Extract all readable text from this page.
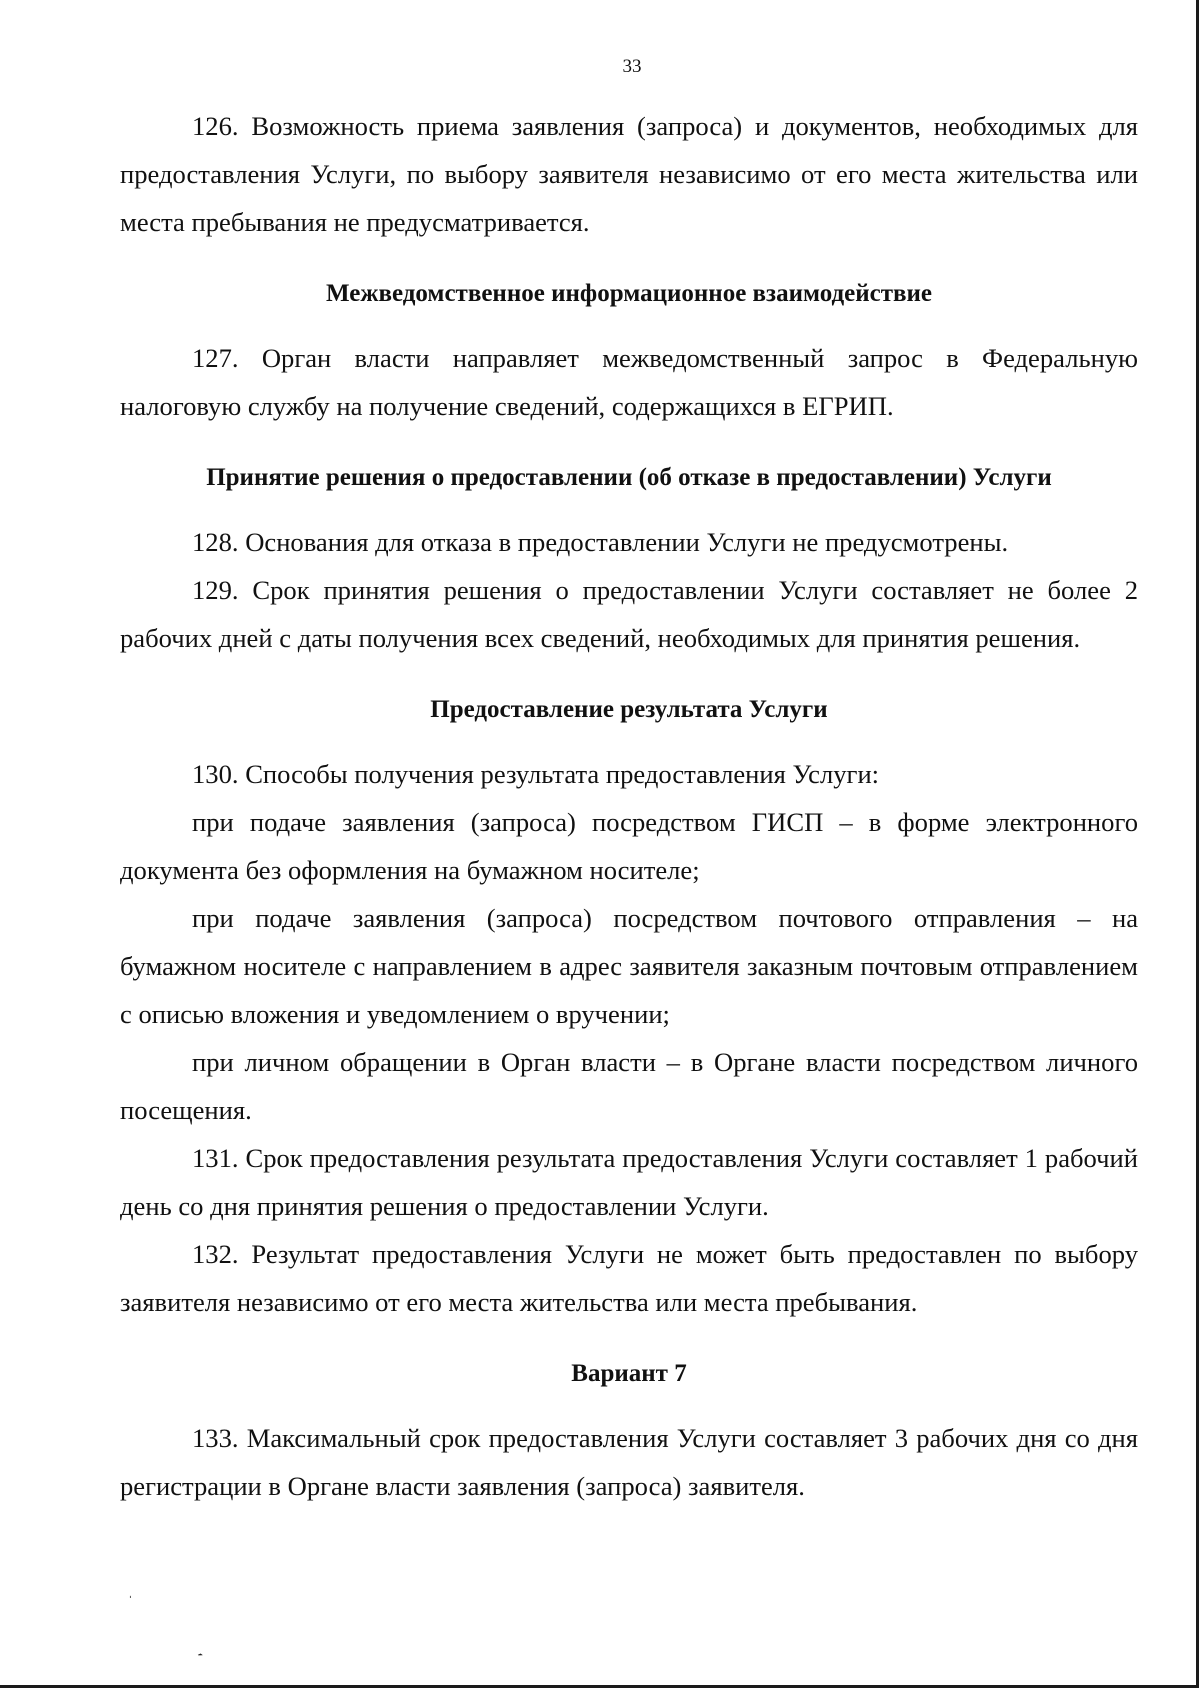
33

126. Возможность приема заявления (запроса) и документов, необходимых для предоставления Услуги, по выбору заявителя независимо от его места жительства или места пребывания не предусматривается.

Межведомственное информационное взаимодействие

127. Орган власти направляет межведомственный запрос в Федеральную налоговую службу на получение сведений, содержащихся в ЕГРИП.

Принятие решения о предоставлении (об отказе в предоставлении) Услуги

128. Основания для отказа в предоставлении Услуги не предусмотрены.

129. Срок принятия решения о предоставлении Услуги составляет не более 2 рабочих дней с даты получения всех сведений, необходимых для принятия решения.

Предоставление результата Услуги

130. Способы получения результата предоставления Услуги:

при подаче заявления (запроса) посредством ГИСП – в форме электронного документа без оформления на бумажном носителе;

при подаче заявления (запроса) посредством почтового отправления – на бумажном носителе с направлением в адрес заявителя заказным почтовым отправлением с описью вложения и уведомлением о вручении;

при личном обращении в Орган власти – в Органе власти посредством личного посещения.

131. Срок предоставления результата предоставления Услуги составляет 1 рабочий день со дня принятия решения о предоставлении Услуги.

132. Результат предоставления Услуги не может быть предоставлен по выбору заявителя независимо от его места жительства или места пребывания.

Вариант 7

133. Максимальный срок предоставления Услуги составляет 3 рабочих дня со дня регистрации в Органе власти заявления (запроса) заявителя.

ˌ
ˏ
